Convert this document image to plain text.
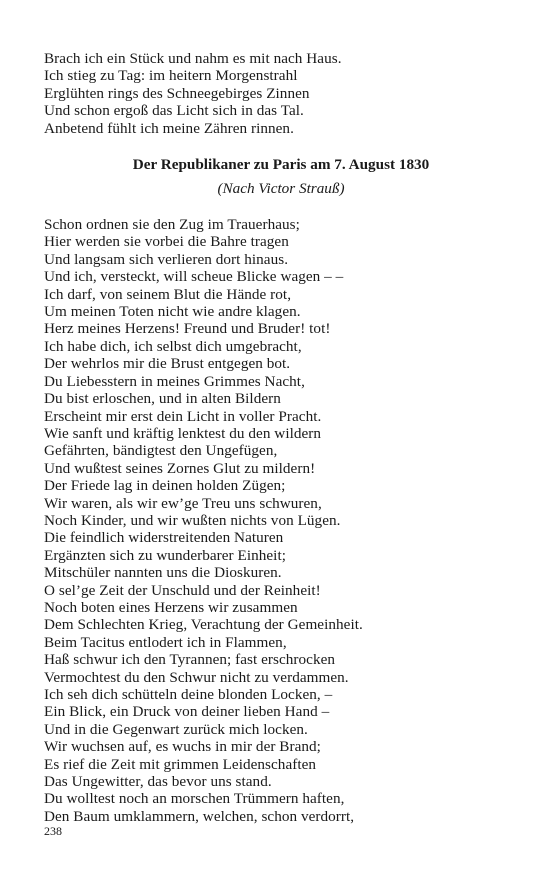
Brach ich ein Stück und nahm es mit nach Haus.
Ich stieg zu Tag: im heitern Morgenstrahl
Erglühten rings des Schneegebirges Zinnen
Und schon ergoß das Licht sich in das Tal.
Anbetend fühlt ich meine Zähren rinnen.
Der Republikaner zu Paris am 7. August 1830
(Nach Victor Strauß)
Schon ordnen sie den Zug im Trauerhaus;
Hier werden sie vorbei die Bahre tragen
Und langsam sich verlieren dort hinaus.
Und ich, versteckt, will scheue Blicke wagen – –
Ich darf, von seinem Blut die Hände rot,
Um meinen Toten nicht wie andre klagen.
Herz meines Herzens! Freund und Bruder! tot!
Ich habe dich, ich selbst dich umgebracht,
Der wehrlos mir die Brust entgegen bot.
Du Liebesstern in meines Grimmes Nacht,
Du bist erloschen, und in alten Bildern
Erscheint mir erst dein Licht in voller Pracht.
Wie sanft und kräftig lenktest du den wildern
Gefährten, bändigtest den Ungefügen,
Und wußtest seines Zornes Glut zu mildern!
Der Friede lag in deinen holden Zügen;
Wir waren, als wir ew’ge Treu uns schwuren,
Noch Kinder, und wir wußten nichts von Lügen.
Die feindlich widerstreitenden Naturen
Ergänzten sich zu wunderbarer Einheit;
Mitschüler nannten uns die Dioskuren.
O sel’ge Zeit der Unschuld und der Reinheit!
Noch boten eines Herzens wir zusammen
Dem Schlechten Krieg, Verachtung der Gemeinheit.
Beim Tacitus entlodert ich in Flammen,
Haß schwur ich den Tyrannen; fast erschrocken
Vermochtest du den Schwur nicht zu verdammen.
Ich seh dich schütteln deine blonden Locken, –
Ein Blick, ein Druck von deiner lieben Hand –
Und in die Gegenwart zurück mich locken.
Wir wuchsen auf, es wuchs in mir der Brand;
Es rief die Zeit mit grimmen Leidenschaften
Das Ungewitter, das bevor uns stand.
Du wolltest noch an morschen Trümmern haften,
Den Baum umklammern, welchen, schon verdorrt,
238
